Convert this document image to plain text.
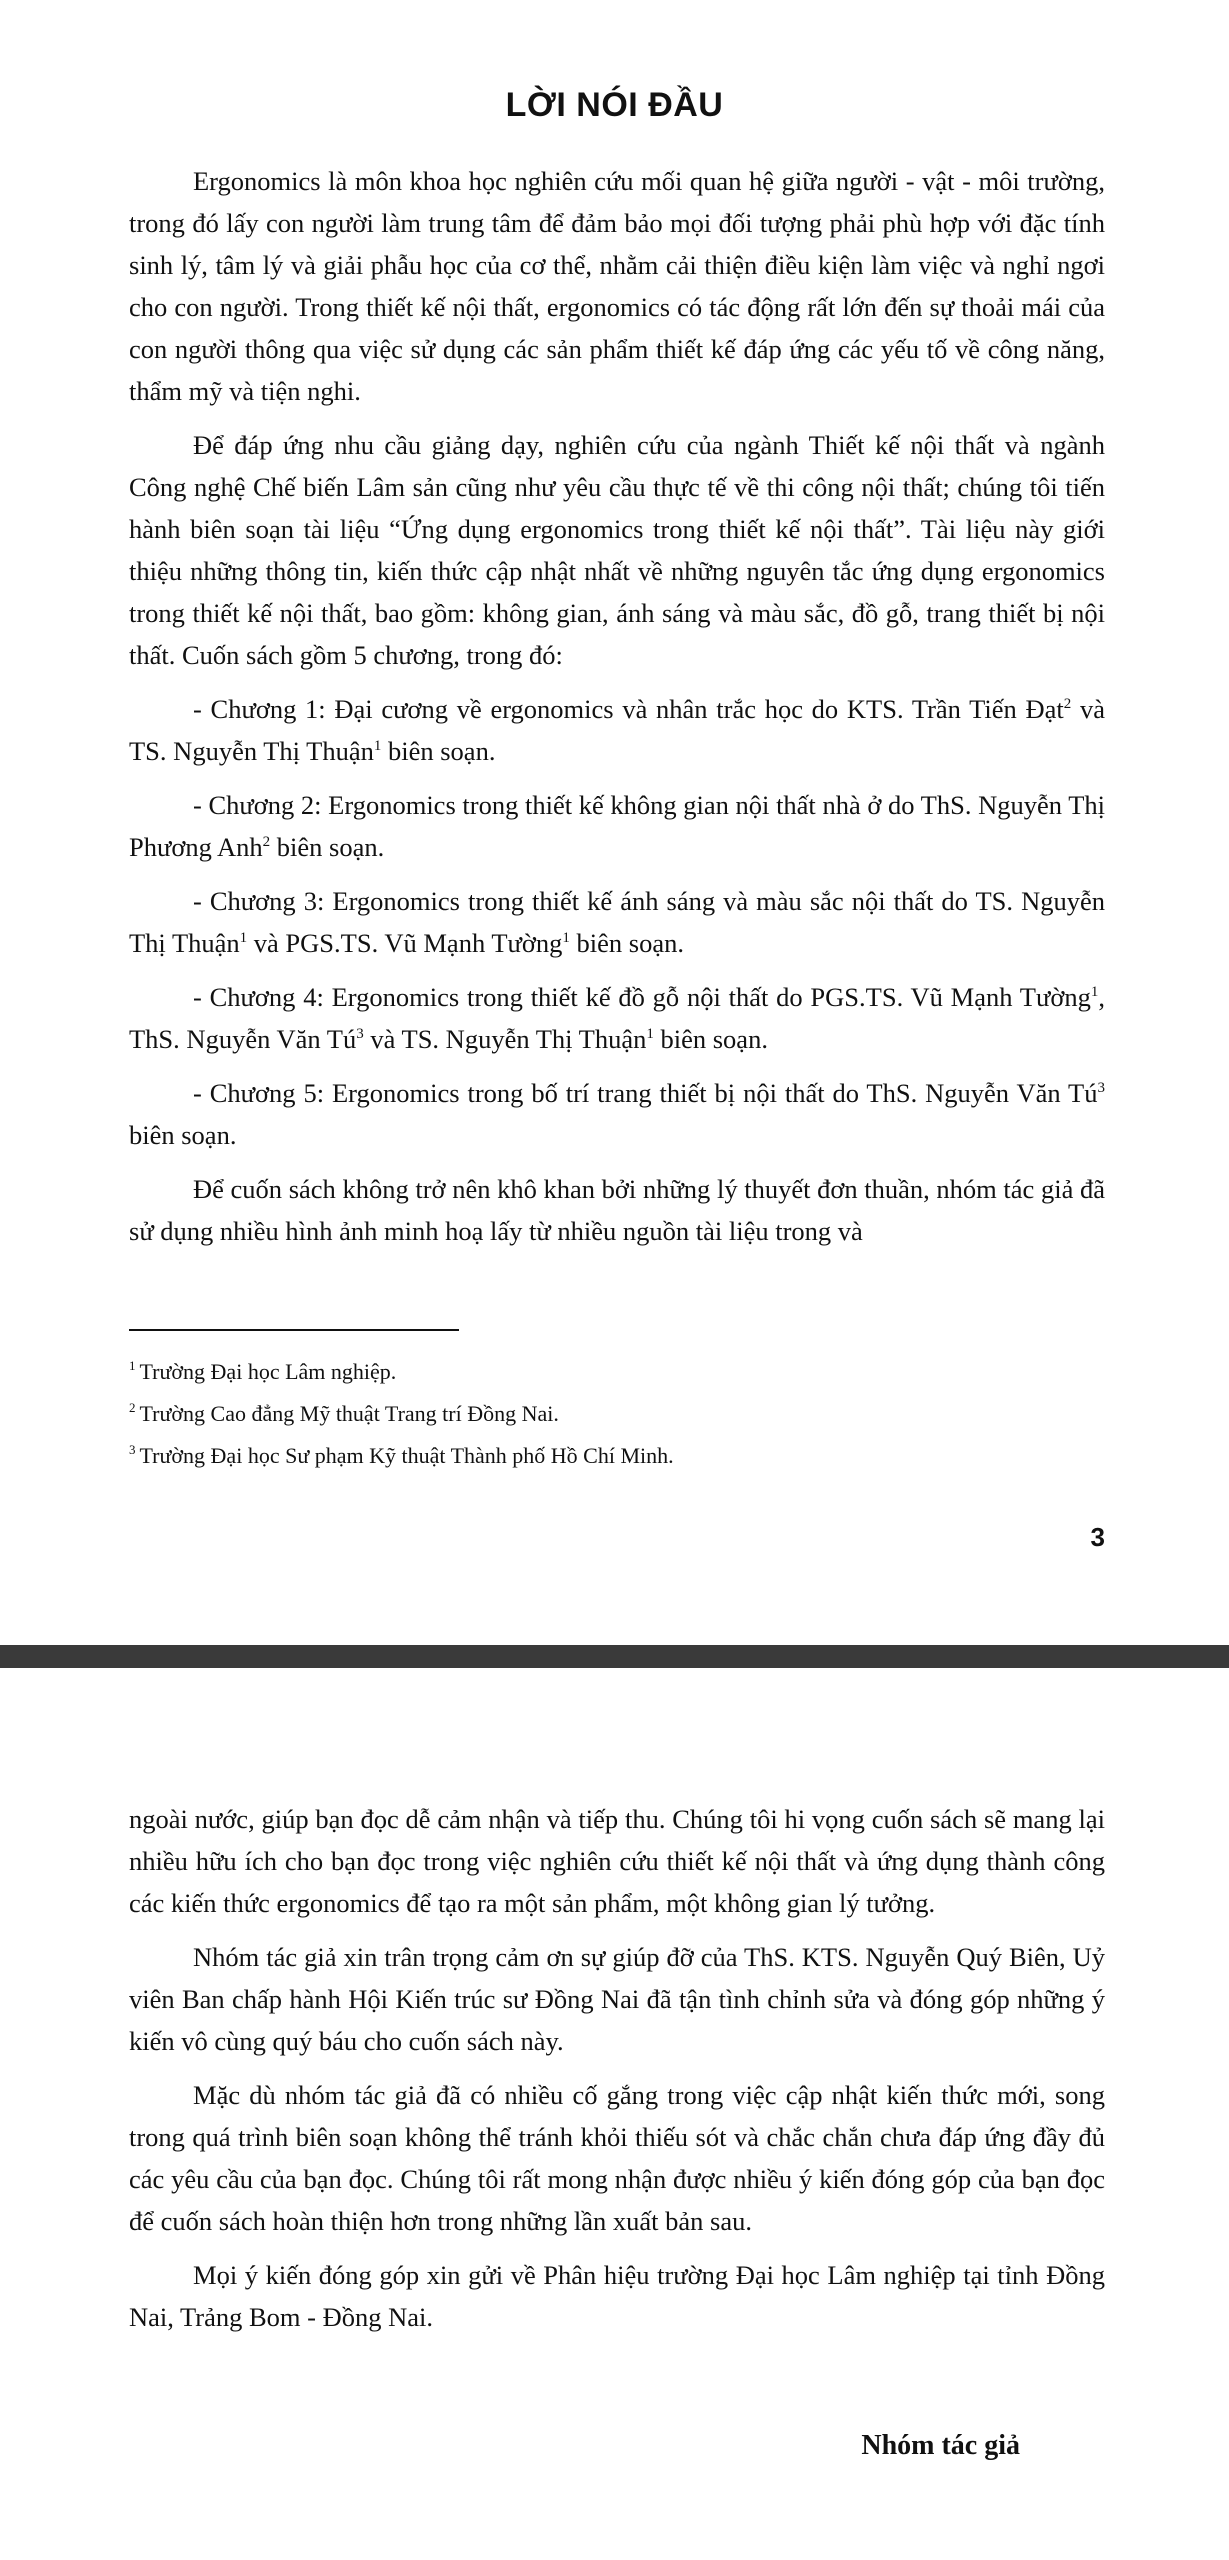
LỜI NÓI ĐẦU

Ergonomics là môn khoa học nghiên cứu mối quan hệ giữa người - vật - môi trường, trong đó lấy con người làm trung tâm để đảm bảo mọi đối tượng phải phù hợp với đặc tính sinh lý, tâm lý và giải phẫu học của cơ thể, nhằm cải thiện điều kiện làm việc và nghỉ ngơi cho con người. Trong thiết kế nội thất, ergonomics có tác động rất lớn đến sự thoải mái của con người thông qua việc sử dụng các sản phẩm thiết kế đáp ứng các yếu tố về công năng, thẩm mỹ và tiện nghi.

Để đáp ứng nhu cầu giảng dạy, nghiên cứu của ngành Thiết kế nội thất và ngành Công nghệ Chế biến Lâm sản cũng như yêu cầu thực tế về thi công nội thất; chúng tôi tiến hành biên soạn tài liệu “Ứng dụng ergonomics trong thiết kế nội thất”. Tài liệu này giới thiệu những thông tin, kiến thức cập nhật nhất về những nguyên tắc ứng dụng ergonomics trong thiết kế nội thất, bao gồm: không gian, ánh sáng và màu sắc, đồ gỗ, trang thiết bị nội thất. Cuốn sách gồm 5 chương, trong đó:

- Chương 1: Đại cương về ergonomics và nhân trắc học do KTS. Trần Tiến Đạt$^2$ và TS. Nguyễn Thị Thuận$^1$ biên soạn.

- Chương 2: Ergonomics trong thiết kế không gian nội thất nhà ở do ThS. Nguyễn Thị Phương Anh$^2$ biên soạn.

- Chương 3: Ergonomics trong thiết kế ánh sáng và màu sắc nội thất do TS. Nguyễn Thị Thuận$^1$ và PGS.TS. Vũ Mạnh Tường$^1$ biên soạn.

- Chương 4: Ergonomics trong thiết kế đồ gỗ nội thất do PGS.TS. Vũ Mạnh Tường$^1$, ThS. Nguyễn Văn $Tú^3$ và TS. Nguyễn Thị Thuận$^1$ biên soạn.

- Chương 5: Ergonomics trong bố trí trang thiết bị nội thất do ThS. Nguyễn Văn $Tú^3$ biên soạn.

Để cuốn sách không trở nên khô khan bởi những lý thuyết đơn thuần, nhóm tác giả đã sử dụng nhiều hình ảnh minh hoạ lấy từ nhiều nguồn tài liệu trong và

$^1$ Trường Đại học Lâm nghiệp.
$^2$ Trường Cao đẳng Mỹ thuật Trang trí Đồng Nai.
$^3$ Trường Đại học Sư phạm Kỹ thuật Thành phố Hồ Chí Minh.
3

ngoài nước, giúp bạn đọc dễ cảm nhận và tiếp thu. Chúng tôi hi vọng cuốn sách sẽ mang lại nhiều hữu ích cho bạn đọc trong việc nghiên cứu thiết kế nội thất và ứng dụng thành công các kiến thức ergonomics để tạo ra một sản phẩm, một không gian lý tưởng.

Nhóm tác giả xin trân trọng cảm ơn sự giúp đỡ của ThS. KTS. Nguyễn Quý Biên, Uỷ viên Ban chấp hành Hội Kiến trúc sư Đồng Nai đã tận tình chỉnh sửa và đóng góp những ý kiến vô cùng quý báu cho cuốn sách này.

Mặc dù nhóm tác giả đã có nhiều cố gắng trong việc cập nhật kiến thức mới, song trong quá trình biên soạn không thể tránh khỏi thiếu sót và chắc chắn chưa đáp ứng đầy đủ các yêu cầu của bạn đọc. Chúng tôi rất mong nhận được nhiều ý kiến đóng góp của bạn đọc để cuốn sách hoàn thiện hơn trong những lần xuất bản sau.

Mọi ý kiến đóng góp xin gửi về Phân hiệu trường Đại học Lâm nghiệp tại tỉnh Đồng Nai, Trảng Bom - Đồng Nai.

Nhóm tác giả
